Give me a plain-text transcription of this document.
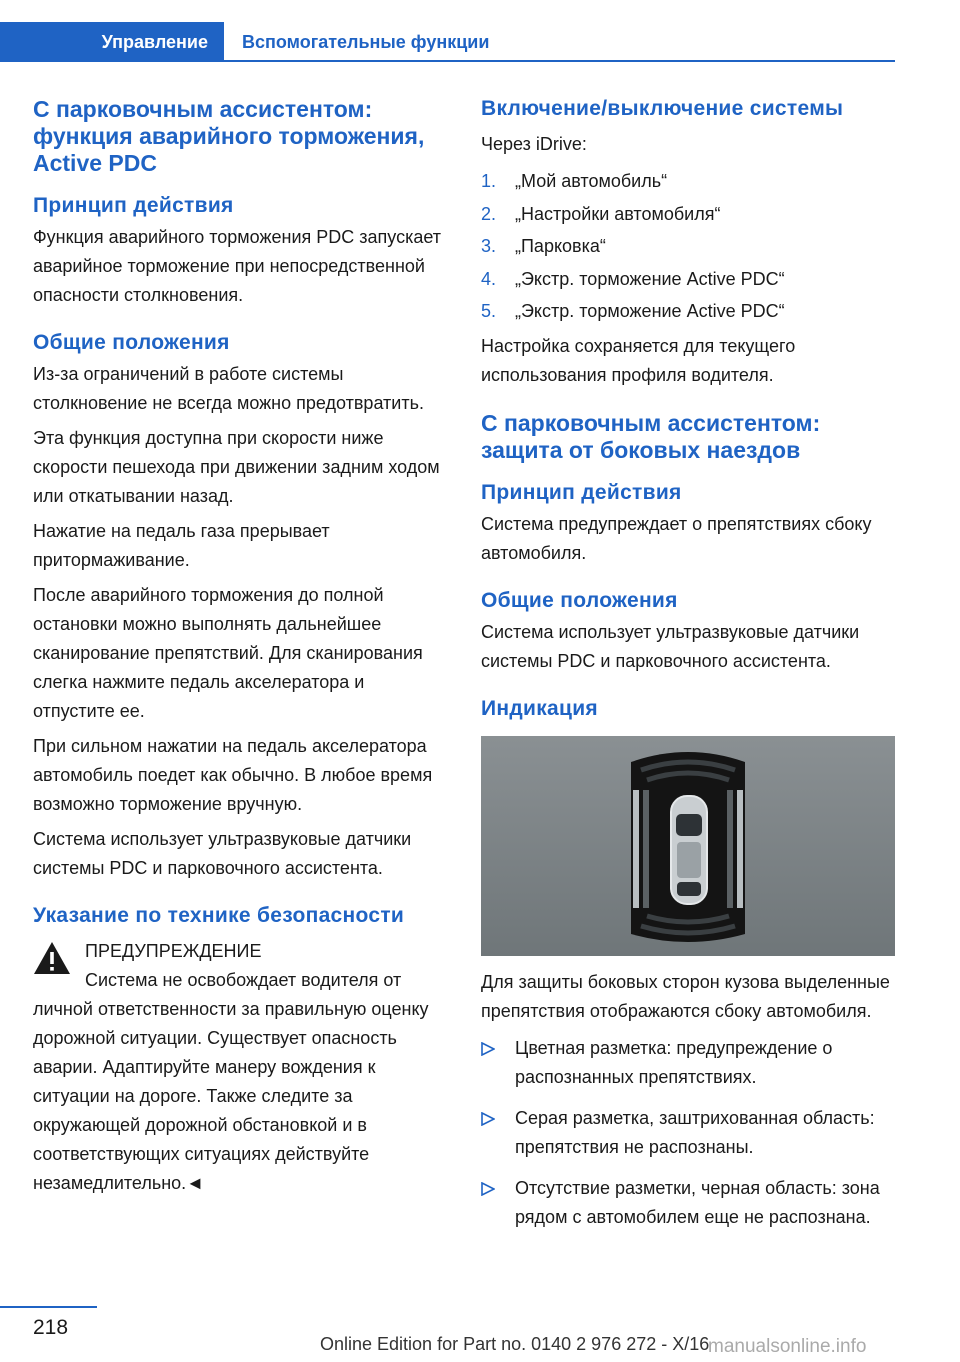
Управление	Вспомогательные функции
С парковочным ассистентом: функция аварийного торможения, Active PDC
Принцип действия

Функция аварийного торможения PDC запускает аварийное торможение при непосредственной опасности столкновения.

Общие положения

Из-за ограничений в работе системы столкновение не всегда можно предотвратить.

Эта функция доступна при скорости ниже скорости пешехода при движении задним ходом или откатывании назад.

Нажатие на педаль газа прерывает притормаживание.

После аварийного торможения до полной остановки можно выполнять дальнейшее сканирование препятствий. Для сканирования слегка нажмите педаль акселератора и отпустите ее.

При сильном нажатии на педаль акселератора автомобиль поедет как обычно. В любое время возможно торможение вручную.

Система использует ультразвуковые датчики системы PDC и парковочного ассистента.

Указание по технике безопасности
ПРЕДУПРЕЖДЕНИЕ

Система не освобождает водителя от личной ответственности за правильную оценку дорожной ситуации. Существует опасность аварии. Адаптируйте манеру вождения к ситуации на дороге. Также следите за окружающей дорожной обстановкой и в соответствующих ситуациях действуйте незамедлительно.◄

Включение/выключение системы

Через iDrive:

1. „Мой автомобиль“
2. „Настройки автомобиля“
3. „Парковка“
4. „Экстр. торможение Active PDC“
5. „Экстр. торможение Active PDC“

Настройка сохраняется для текущего использования профиля водителя.

С парковочным ассистентом: защита от боковых наездов
Принцип действия

Система предупреждает о препятствиях сбоку автомобиля.

Общие положения

Система использует ультразвуковые датчики системы PDC и парковочного ассистента.

Индикация

Для защиты боковых сторон кузова выделенные препятствия отображаются сбоку автомобиля.

Цветная разметка: предупреждение о распознанных препятствиях.
Серая разметка, заштрихованная область: препятствия не распознаны.
Отсутствие разметки, черная область: зона рядом с автомобилем еще не распознана.
218
Online Edition for Part no. 0140 2 976 272 - X/16
manualsonline.info
